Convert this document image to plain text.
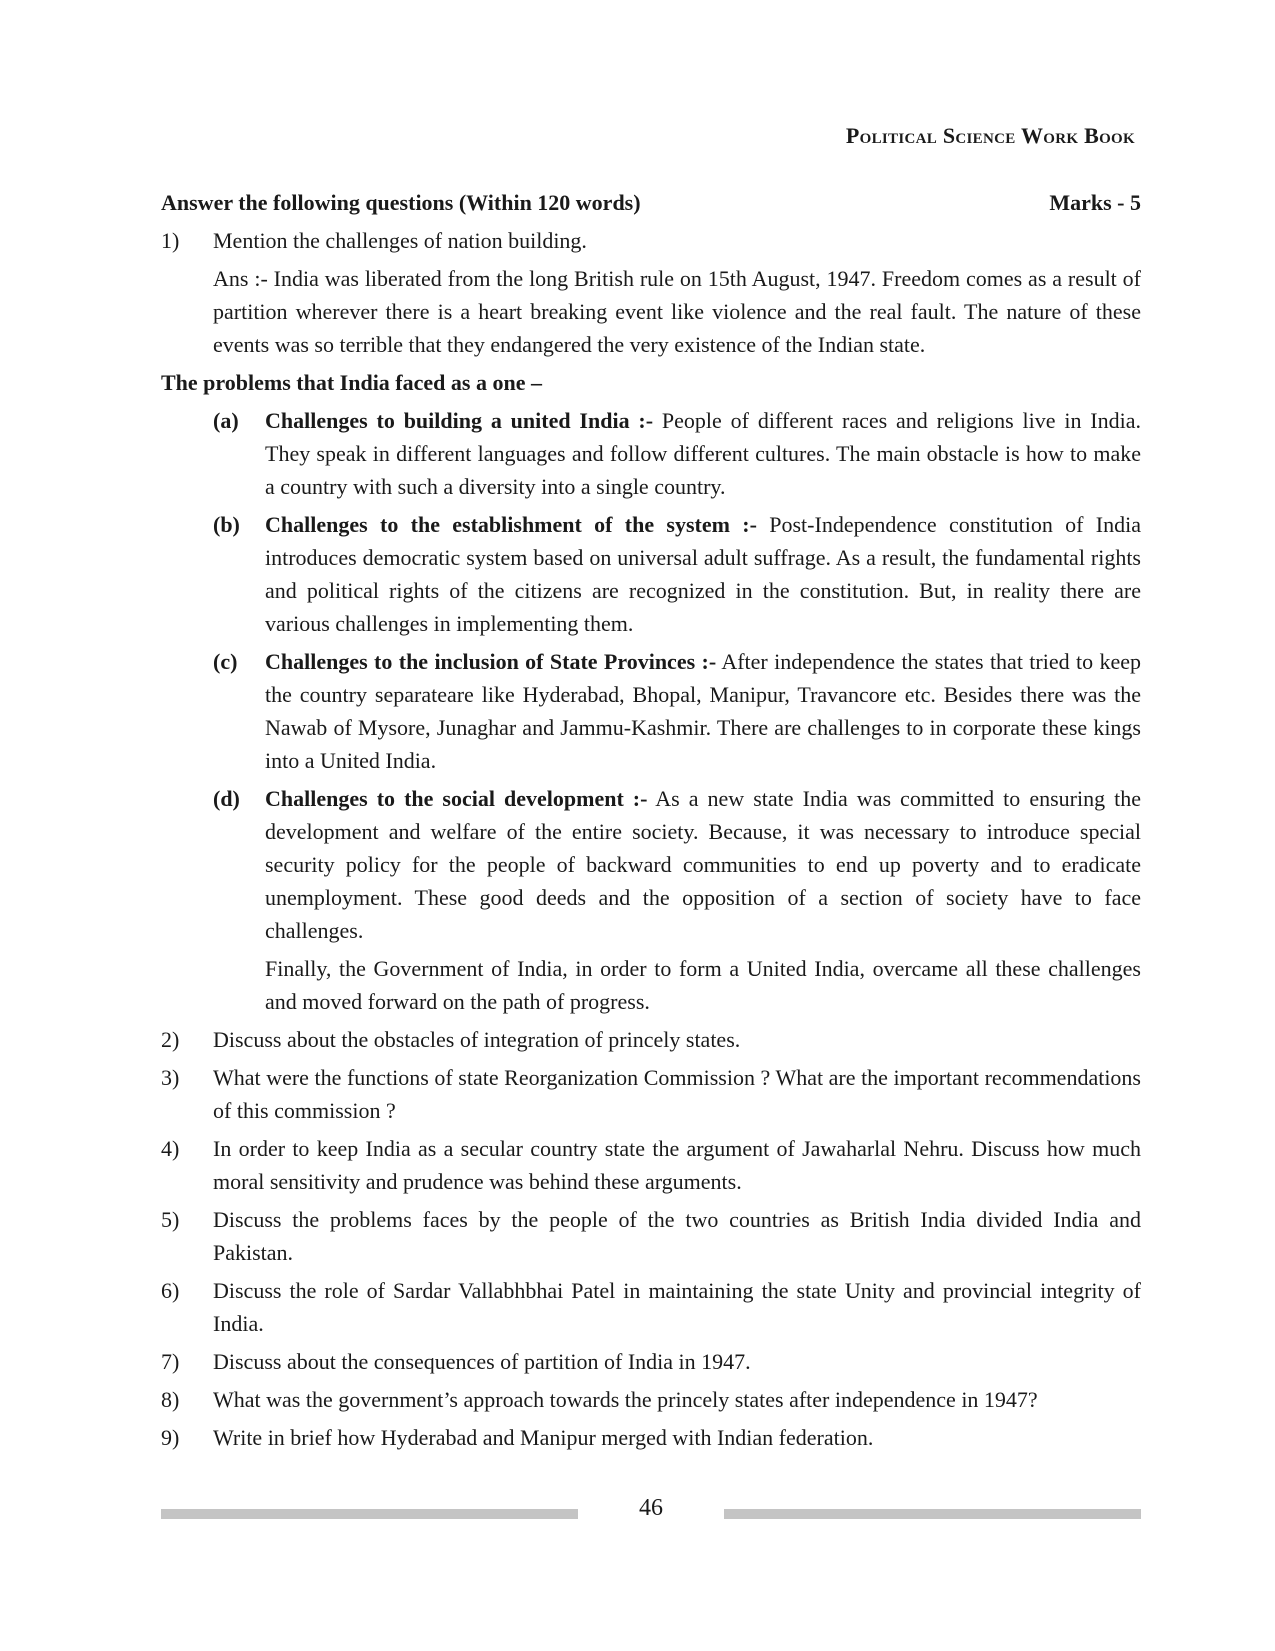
Political Science Work Book
Answer the following questions (Within 120 words)	Marks - 5
1)	Mention the challenges of nation building.
Ans :- India was liberated from the long British rule on 15th August, 1947. Freedom comes as a result of partition wherever there is a heart breaking event like violence and the real fault. The nature of these events was so terrible that they endangered the very existence of the Indian state.
The problems that India faced as a one –
(a)	Challenges to building a united India :- People of different races and religions live in India. They speak in different languages and follow different cultures. The main obstacle is how to make a country with such a diversity into a single country.
(b)	Challenges to the establishment of the system :- Post-Independence constitution of India introduces democratic system based on universal adult suffrage. As a result, the fundamental rights and political rights of the citizens are recognized in the constitution. But, in reality there are various challenges in implementing them.
(c)	Challenges to the inclusion of State Provinces :- After independence the states that tried to keep the country separateare like Hyderabad, Bhopal, Manipur, Travancore etc. Besides there was the Nawab of Mysore, Junaghar and Jammu-Kashmir. There are challenges to in corporate these kings into a United India.
(d)	Challenges to the social development :- As a new state India was committed to ensuring the development and welfare of the entire society. Because, it was necessary to introduce special security policy for the people of backward communities to end up poverty and to eradicate unemployment. These good deeds and the opposition of a section of society have to face challenges.
Finally, the Government of India, in order to form a United India, overcame all these challenges and moved forward on the path of progress.
2)	Discuss about the obstacles of integration of princely states.
3)	What were the functions of state Reorganization Commission ? What are the important recommendations of this commission ?
4)	In order to keep India as a secular country state the argument of Jawaharlal Nehru. Discuss how much moral sensitivity and prudence was behind these arguments.
5)	Discuss the problems faces by the people of the two countries as British India divided India and Pakistan.
6)	Discuss the role of Sardar Vallabhbhai Patel in maintaining the state Unity and provincial integrity of India.
7)	Discuss about the consequences of partition of India in 1947.
8)	What was the government’s approach towards the princely states after independence in 1947?
9)	Write in brief how Hyderabad and Manipur merged with Indian federation.
46
